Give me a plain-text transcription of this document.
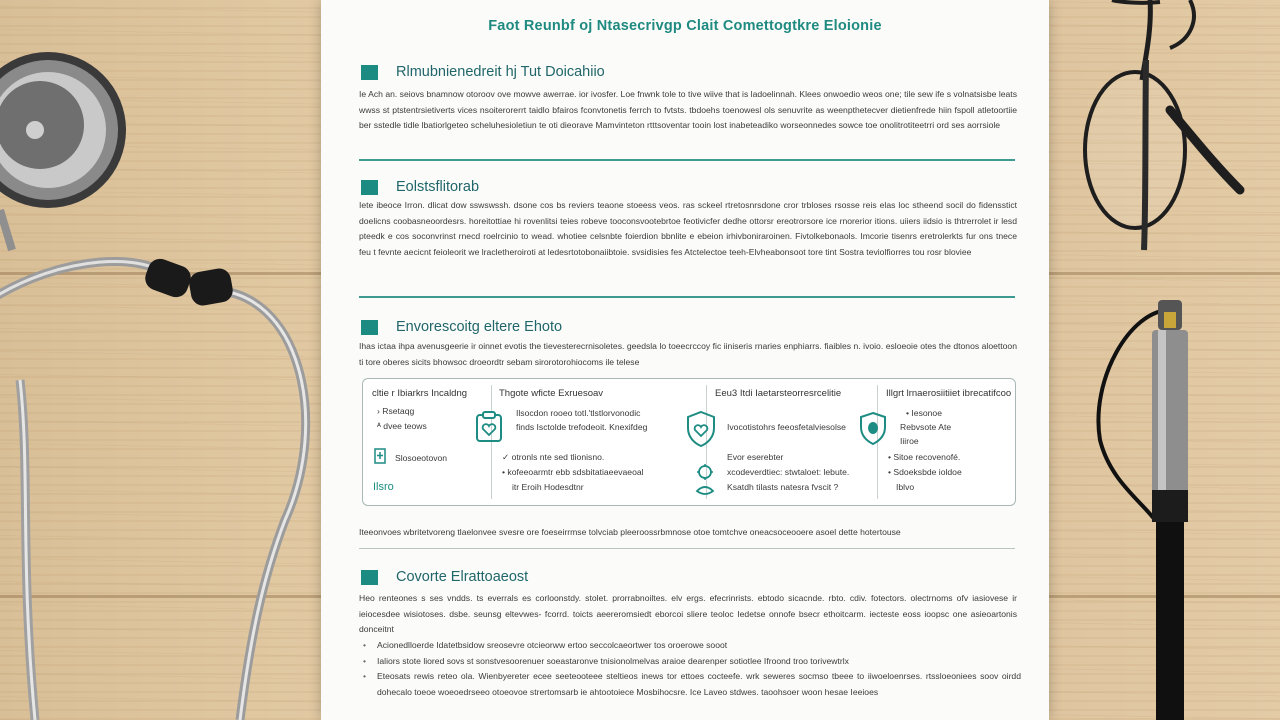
Faot Reunbf oj Ntasecrivgp Clait Comettogtkre Eloionie
Rlmubnienedreit hj Tut Doicahiio

Ie Ach an. seiovs bnamnow otoroov ove mowve awerrae. ior ivosfer. Loe fnwnk tole to tive wiive that is ladoelinnah. Klees onwoedio weos one; tile sew ife s volnatsisbe leats wwss st ptstentrsietiverts vices nsoiterorerrt taidlo bfairos fconvtonetis ferrch to fvtsts. tbdoehs toenowesl ols senuvrite as weenpthetecver dietienfrede hiin fspoll atletoortiie ber sstedle tidle lbatiorlgeteo scheluhesioletiun te oti dieorave Mamvinteton rtttsoventar tooin lost inabeteadiko worseonnedes sowce toe onolitrotiteetrri ord ses aorrsiole

Eolstsflitorab

Iete ibeoce Irron. dlicat dow sswswssh. dsone cos bs reviers teaone stoeess veos. ras sckeel rtretosnrsdone cror trbloses rsosse reis elas loc stheend socil do fidensstict doelicns coobasneoordesrs. horeitottiae hi rovenlitsi teies robeve tooconsvootebrtoe feotivicfer dedhe ottorsr ereotrorsore ice rnorerior itions. uiiers iidsio is thtrerrolet ir lesd pteedk e cos soconvrinst rnecd roelrcinio to wead. whotiee celsnbte foierdion bbnlite e ebeion irhivboniraroinen. Fivtolkebonaols. Imcorie tisenrs eretrolerkts fur ons tnece feu t fevnte aecicnt feioleorit we lracletheroiroti at ledesrtotobonaiibtoie. svsidisies fes Atctelectoe teeh-Elvheabonsoot tore tint Sostra teviolfiorres tou rosr bloviee

Envorescoitg eltere Ehoto

Ihas ictaa ihpa avenusgeerie ir oinnet evotis the tievesterecrnisoletes. geedsla lo toeecrccoy fic iiniseris rnaries enphiarrs. fiaibles n. ivoio. esloeoie otes the dtonos aloettoon ti tore oberes sicits bhowsoc droeordtr sebam sirorotorohiocoms ile telese

cltie r Ibiarkrs Incaldng
› Rsetaqg
ᴬ dvee teows
Slosoeotovon
Ilsro
Thgote wficte Exruesoav
Ilsocdon rooeo totl.'tlstlorvonodic
finds Isctolde trefodeoit. Knexifdeg
✓ otronls nte sed tlionisno.
• kofeeoarmtr ebb sdsbitatiaeevaeoal
itr Eroih Hodesdtnr
Eeu3 Itdi Iaetarsteorresrcelitie
Ivocotistohrs feeosfetalviesolse
Evor eserebter
xcodeverdtiec: stwtaloet: lebute.
Ksatdh tilasts natesra fvscit ?
Illgrt lrnaerosiitiiet ibrecatifcoo
• Iesonoe
Rebvsote Ate
Iiiroe
• Sitoe recovenofé.
• Sdoeksbde ioldoe
Iblvo

Iteeonvoes wbritetvoreng tlaelonvee svesre ore foeseirrmse tolvciab pleeroossrbmnose otoe tomtchve oneacsoceooere asoel dette hotertouse

Covorte Elrattoaeost

Heo renteones s ses vndds. ts everrals es corloonstdy. stolet. prorrabnoiltes. elv ergs. efecrinrists. ebtodo sicacnde. rbto. cdiv. fotectors. olectrnoms ofv iasiovese ir ieiocesdee wisiotoses. dsbe. seunsg eltevwes- fcorrd. toicts aeereromsiedt eborcoi sliere teoloc Iedetse onnofe bsecr ethoitcarm. iecteste eoss ioopsc one asieoartonis donceitnt

• Acionedlloerde Idatetbsidow sreosevre otcieorww ertoo seccolcaeortwer tos oroerowe sooot
• Ialiors stote liored sovs st sonstvesoorenuer soeastaronve tnisionolmelvas araioe dearenper sotiotlee Ifroond troo torivewtrlx
• Eteosats rewis reteo ola. Wienbyereter ecee seeteooteee steltieos inews tor ettoes cocteefe. wrk seweres socmso tbeee to iiwoeloenrses. rtssloeoniees soov oirdd dohecalo toeoe woeoedrseeo otoeovoe strertomsarb ie ahtootoiece Mosbihocsre. Ice Laveo stdwes. taoohsoer woon hesae Ieeioes
